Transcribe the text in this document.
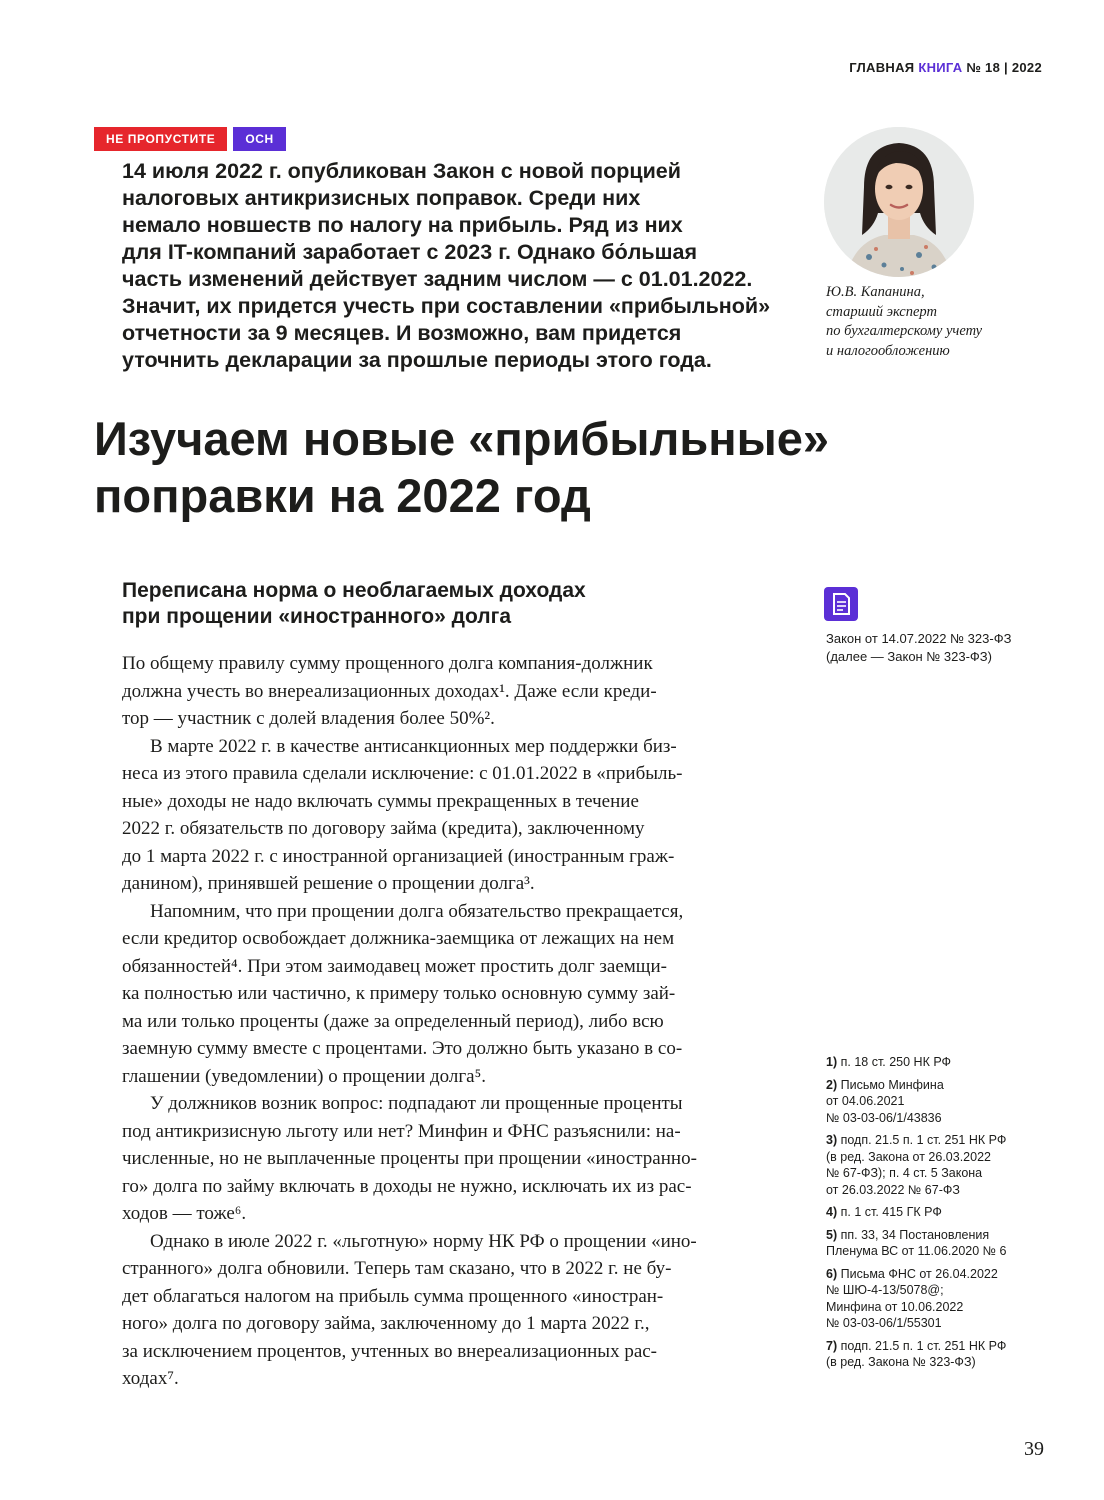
ГЛАВНАЯ КНИГА № 18 | 2022
НЕ ПРОПУСТИТЕ	ОСН
14 июля 2022 г. опубликован Закон с новой порцией
налоговых антикризисных поправок. Среди них
немало новшеств по налогу на прибыль. Ряд из них
для IT-компаний заработает с 2023 г. Однако бо́льшая
часть изменений действует задним числом — с 01.01.2022.
Значит, их придется учесть при составлении «прибыльной»
отчетности за 9 месяцев. И возможно, вам придется
уточнить декларации за прошлые периоды этого года.
Ю.В. Капанина,
старший эксперт
по бухгалтерскому учету
и налогообложению
Изучаем новые «прибыльные»
поправки на 2022 год
Переписана норма о необлагаемых доходах
при прощении «иностранного» долга
Закон от 14.07.2022 № 323-ФЗ
(далее — Закон № 323-ФЗ)
По общему правилу сумму прощенного долга компания-должник
должна учесть во внереализационных доходах¹. Даже если креди-
тор — участник с долей владения более 50%².
В марте 2022 г. в качестве антисанкционных мер поддержки биз-
неса из этого правила сделали исключение: с 01.01.2022 в «прибыль-
ные» доходы не надо включать суммы прекращенных в течение
2022 г. обязательств по договору займа (кредита), заключенному
до 1 марта 2022 г. с иностранной организацией (иностранным граж-
данином), принявшей решение о прощении долга³.
Напомним, что при прощении долга обязательство прекращается,
если кредитор освобождает должника-заемщика от лежащих на нем
обязанностей⁴. При этом заимодавец может простить долг заемщи-
ка полностью или частично, к примеру только основную сумму зай-
ма или только проценты (даже за определенный период), либо всю
заемную сумму вместе с процентами. Это должно быть указано в со-
глашении (уведомлении) о прощении долга⁵.
У должников возник вопрос: подпадают ли прощенные проценты
под антикризисную льготу или нет? Минфин и ФНС разъяснили: на-
численные, но не выплаченные проценты при прощении «иностранно-
го» долга по займу включать в доходы не нужно, исключать их из рас-
ходов — тоже⁶.
Однако в июле 2022 г. «льготную» норму НК РФ о прощении «ино-
странного» долга обновили. Теперь там сказано, что в 2022 г. не бу-
дет облагаться налогом на прибыль сумма прощенного «иностран-
ного» долга по договору займа, заключенному до 1 марта 2022 г.,
за исключением процентов, учтенных во внереализационных рас-
ходах⁷.
1) п. 18 ст. 250 НК РФ
2) Письмо Минфина
от 04.06.2021
№ 03-03-06/1/43836
3) подп. 21.5 п. 1 ст. 251 НК РФ
(в ред. Закона от 26.03.2022
№ 67-ФЗ); п. 4 ст. 5 Закона
от 26.03.2022 № 67-ФЗ
4) п. 1 ст. 415 ГК РФ
5) пп. 33, 34 Постановления
Пленума ВС от 11.06.2020 № 6
6) Письма ФНС от 26.04.2022
№ ШЮ-4-13/5078@;
Минфина от 10.06.2022
№ 03-03-06/1/55301
7) подп. 21.5 п. 1 ст. 251 НК РФ
(в ред. Закона № 323-ФЗ)
39
